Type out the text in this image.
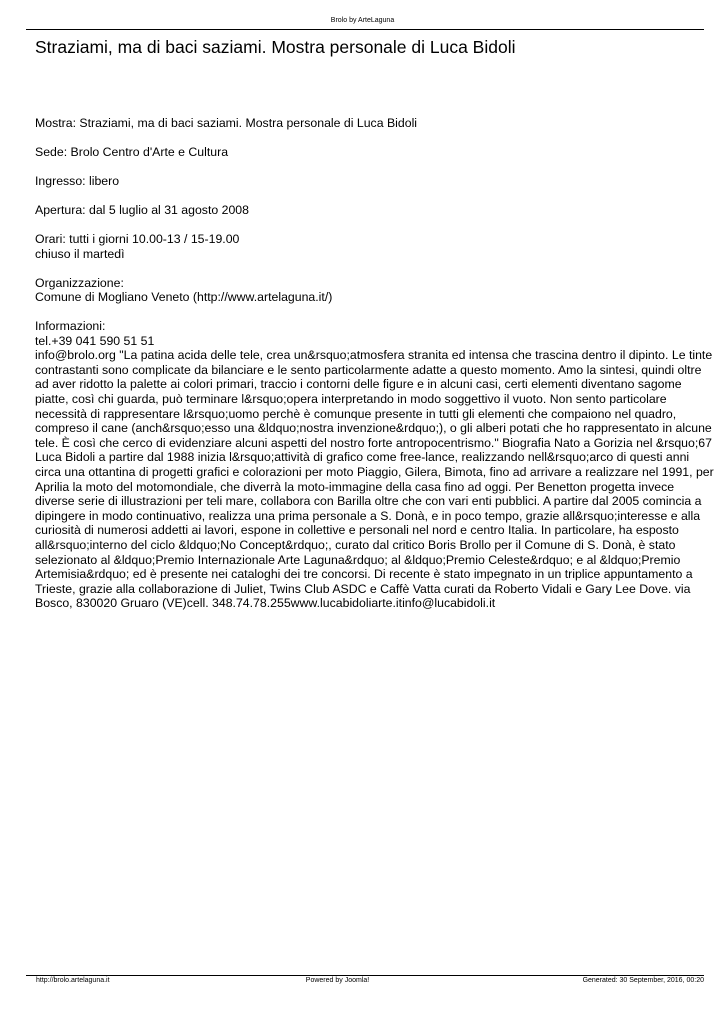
Brolo by ArteLaguna
Straziami, ma di baci saziami. Mostra personale di Luca Bidoli

Mostra: Straziami, ma di baci saziami. Mostra personale di Luca Bidoli

Sede: Brolo Centro d'Arte e Cultura

Ingresso: libero

Apertura: dal 5 luglio al 31 agosto 2008

Orari: tutti i giorni 10.00-13 / 15-19.00
chiuso il martedì

Organizzazione:
Comune di Mogliano Veneto (http://www.artelaguna.it/)

Informazioni:

tel.+39 041 590 51 51

info@brolo.org "La patina acida delle tele, crea un&rsquo;atmosfera stranita ed intensa che trascina dentro il dipinto. Le tinte contrastanti sono complicate da bilanciare e le sento particolarmente adatte a questo momento. Amo la sintesi, quindi oltre ad aver ridotto la palette ai colori primari, traccio i contorni delle figure e in alcuni casi, certi elementi diventano sagome piatte, così chi guarda, può terminare l&rsquo;opera interpretando in modo soggettivo il vuoto. Non sento particolare necessità di rappresentare l&rsquo;uomo perchè è comunque presente in tutti gli elementi che compaiono nel quadro, compreso il cane (anch&rsquo;esso una &ldquo;nostra invenzione&rdquo;), o gli alberi potati che ho rappresentato in alcune tele. È così che cerco di evidenziare alcuni aspetti del nostro forte antropocentrismo." Biografia Nato a Gorizia nel &rsquo;67 Luca Bidoli a partire dal 1988 inizia l&rsquo;attività di grafico come free-lance, realizzando nell&rsquo;arco di questi anni circa una ottantina di progetti grafici e colorazioni per moto Piaggio, Gilera, Bimota, fino ad arrivare a realizzare nel 1991, per Aprilia la moto del motomondiale, che diverrà la moto-immagine della casa fino ad oggi. Per Benetton progetta invece diverse serie di illustrazioni per teli mare, collabora con Barilla oltre che con vari enti pubblici. A partire dal 2005 comincia a dipingere in modo continuativo, realizza una prima personale a S. Donà, e in poco tempo, grazie all&rsquo;interesse e alla curiosità di numerosi addetti ai lavori, espone in collettive e personali nel nord e centro Italia. In particolare, ha esposto all&rsquo;interno del ciclo &ldquo;No Concept&rdquo;, curato dal critico Boris Brollo per il Comune di S. Donà, è stato selezionato al &ldquo;Premio Internazionale Arte Laguna&rdquo; al &ldquo;Premio Celeste&rdquo; e al &ldquo;Premio Artemisia&rdquo; ed è presente nei cataloghi dei tre concorsi. Di recente è stato impegnato in un triplice appuntamento a Trieste, grazie alla collaborazione di Juliet, Twins Club ASDC e Caffè Vatta curati da Roberto Vidali e Gary Lee Dove. via Bosco, 830020 Gruaro (VE)cell. 348.74.78.255www.lucabidoliarte.itinfo@lucabidoli.it

http://brolo.artelaguna.it	Powered by Joomla!	Generated: 30 September, 2016, 00:20
